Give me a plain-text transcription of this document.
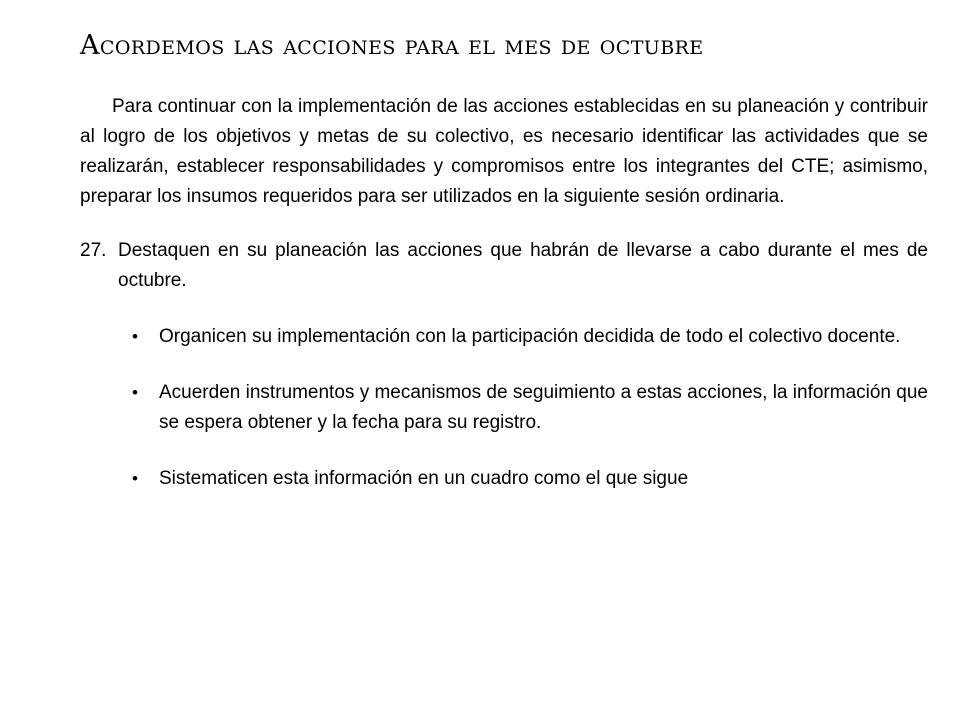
Acordemos las acciones para el mes de octubre

Para continuar con la implementación de las acciones establecidas en su planeación y contribuir al logro de los objetivos y metas de su colectivo, es necesario identificar las actividades que se realizarán, establecer responsabilidades y compromisos entre los integrantes del CTE; asimismo, preparar los insumos requeridos para ser utilizados en la siguiente sesión ordinaria.

27. Destaquen en su planeación las acciones que habrán de llevarse a cabo durante el mes de octubre.
•	Organicen su implementación con la participación decidida de todo el colectivo docente.
•	Acuerden instrumentos y mecanismos de seguimiento a estas acciones, la información que se espera obtener y la fecha para su registro.
•	Sistematicen esta información en un cuadro como el que sigue
